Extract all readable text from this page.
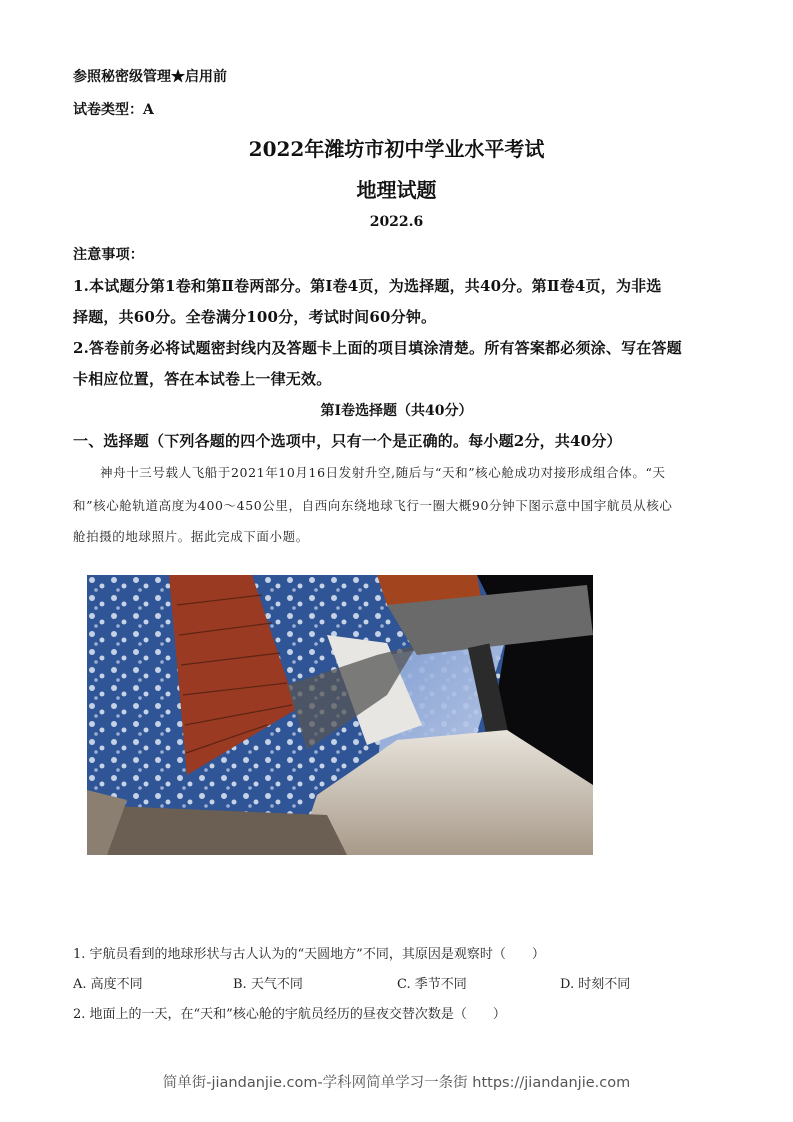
参照秘密级管理★启用前
试卷类型：A
2022年潍坊市初中学业水平考试
地理试题
2022.6
注意事项：
1.本试题分第1卷和第Ⅱ卷两部分。第Ⅰ卷4页，为选择题，共40分。第Ⅱ卷4页，为非选
择题，共60分。全卷满分100分，考试时间60分钟。
2.答卷前务必将试题密封线内及答题卡上面的项目填涂清楚。所有答案都必须涂、写在答题
卡相应位置，答在本试卷上一律无效。
第Ⅰ卷选择题（共40分）
一、选择题（下列各题的四个选项中，只有一个是正确的。每小题2分，共40分）
神舟十三号载人飞船于2021年10月16日发射升空,随后与“天和”核心舱成功对接形成组合体。“天
和”核心舱轨道高度为400～450公里，自西向东绕地球飞行一圈大概90分钟下图示意中国宇航员从核心
舱拍摄的地球照片。据此完成下面小题。
1. 宇航员看到的地球形状与古人认为的“天圆地方”不同，其原因是观察时（　　）
A. 高度不同	B. 天气不同	C. 季节不同	D. 时刻不同
2. 地面上的一天，在“天和”核心舱的宇航员经历的昼夜交替次数是（　　）
简单街-jiandanjie.com-学科网简单学习一条街 https://jiandanjie.com
